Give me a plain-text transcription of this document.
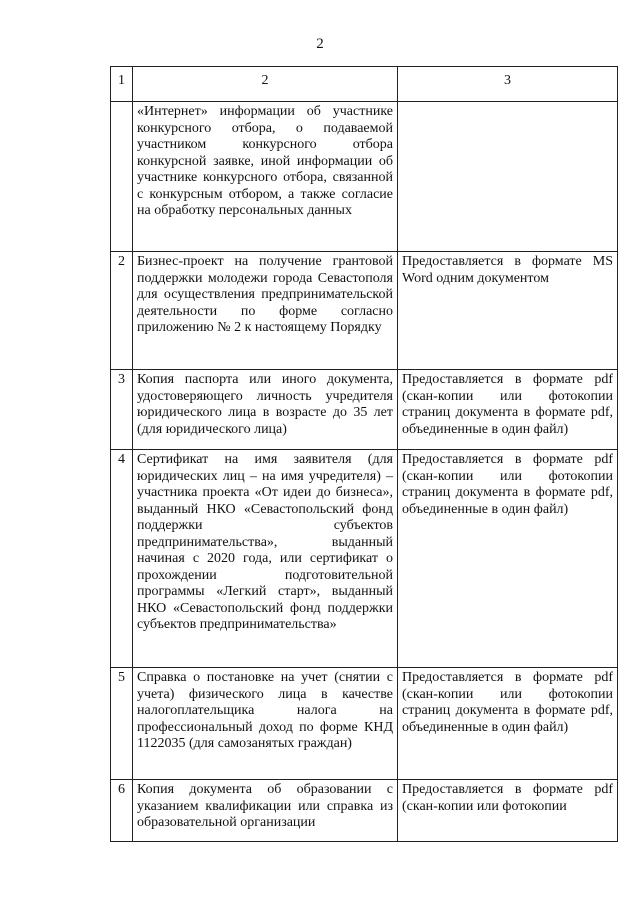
2
1	2	3
	«Интернет» информации об участнике конкурсного отбора, о подаваемой участником конкурсного отбора конкурсной заявке, иной информации об участнике конкурсного отбора, связанной с конкурсным отбором, а также согласие на обработку персональных данных	
2	Бизнес-проект на получение грантовой поддержки молодежи города Севастополя для осуществления предпринимательской деятельности по форме согласно приложению № 2 к настоящему Порядку	Предоставляется в формате MS Word одним документом
3	Копия паспорта или иного документа, удостоверяющего личность учредителя юридического лица в возрасте до 35 лет (для юридического лица)	Предоставляется в формате pdf (скан-копии или фотокопии страниц документа в формате pdf, объединенные в один файл)
4	Сертификат на имя заявителя (для юридических лиц – на имя учредителя) – участника проекта «От идеи до бизнеса», выданный НКО «Севастопольский фонд поддержки субъектов предпринимательства», выданный начиная с 2020 года, или сертификат о прохождении подготовительной программы «Легкий старт», выданный НКО «Севастопольский фонд поддержки субъектов предпринимательства»	Предоставляется в формате pdf (скан-копии или фотокопии страниц документа в формате pdf, объединенные в один файл)
5	Справка о постановке на учет (снятии с учета) физического лица в качестве налогоплательщика налога на профессиональный доход по форме КНД 1122035 (для самозанятых граждан)	Предоставляется в формате pdf (скан-копии или фотокопии страниц документа в формате pdf, объединенные в один файл)
6	Копия документа об образовании с указанием квалификации или справка из образовательной организации	Предоставляется в формате pdf (скан-копии или фотокопии
